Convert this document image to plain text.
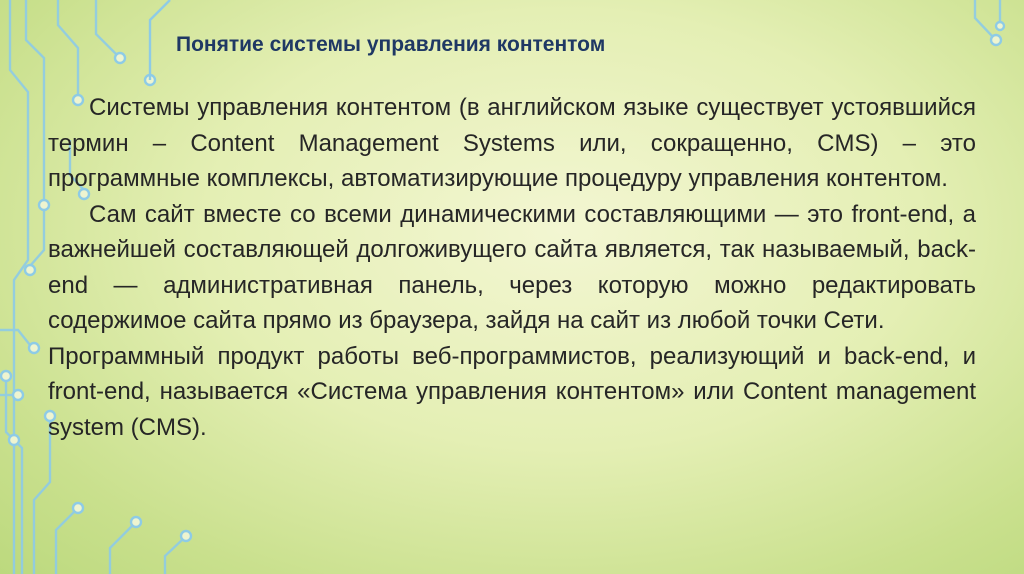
Понятие системы управления контентом

Системы управления контентом (в английском языке существует устоявшийся термин – Content Management Systems или, сокращенно, CMS) – это программные комплексы, автоматизирующие процедуру управления контентом.

Сам сайт вместе со всеми динамическими составляющими — это front-end, а важнейшей составляющей долгоживущего сайта является, так называемый, back-end — административная панель, через которую можно редактировать содержимое сайта прямо из браузера, зайдя на сайт из любой точки Сети.

Программный продукт работы веб-программистов, реализующий и back-end, и front-end, называется «Система управления контентом» или Content management system (CMS).
